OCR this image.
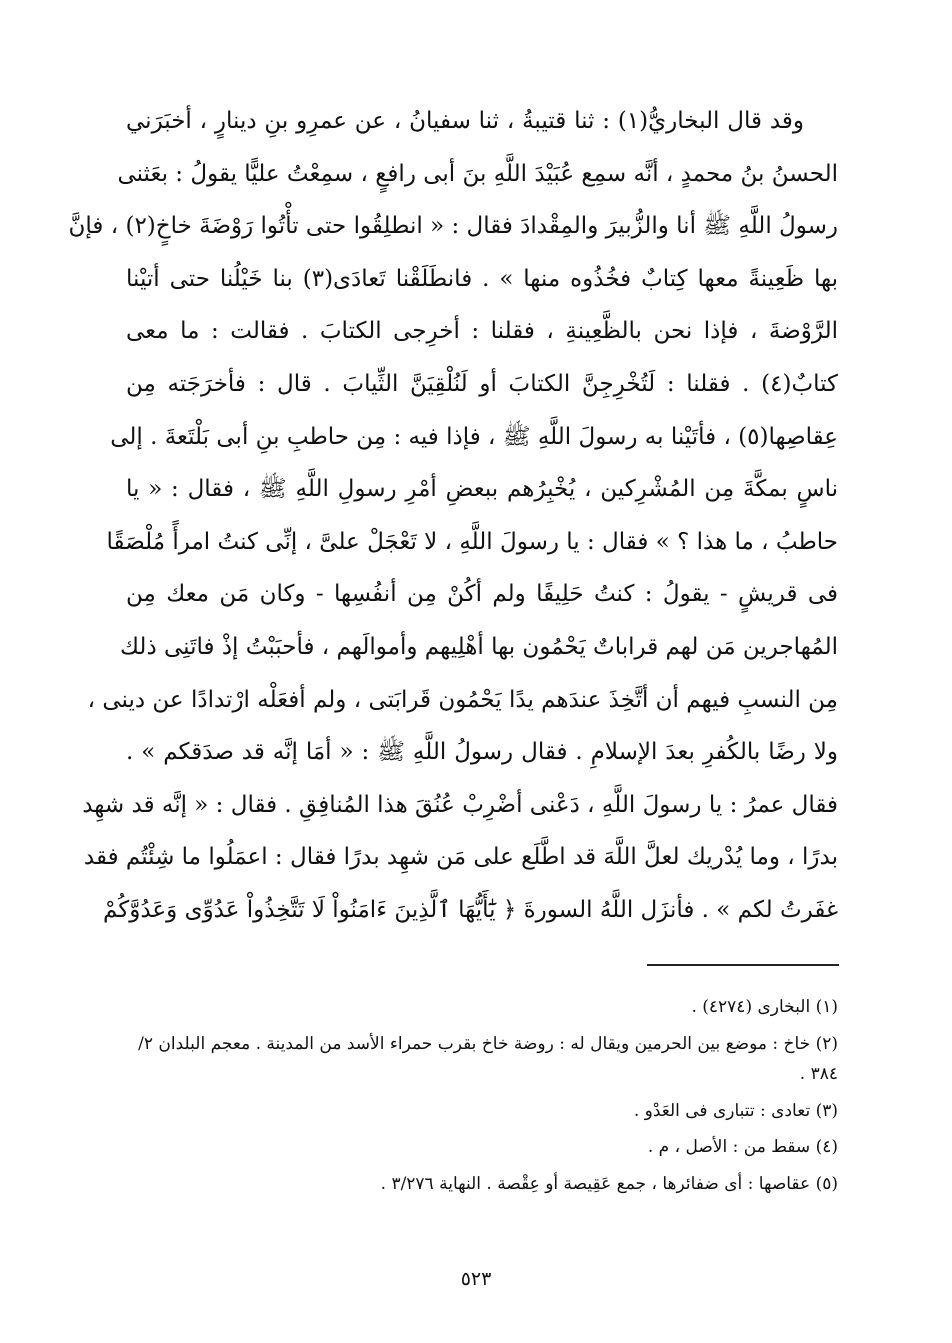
وقد قال البخاريُّ(١) : ثنا قتيبةُ ، ثنا سفيانُ ، عن عمرِو بنِ دينارٍ ، أخبَرَني
الحسنُ بنُ محمدٍ ، أنَّه سمِع عُبَيْدَ اللَّهِ بنَ أبى رافعٍ ، سمِعْتُ عليًّا يقولُ : بعَثنى
رسولُ اللَّهِ ﷺ أنا والزُّبيرَ والمِقْدادَ فقال : « انطلِقُوا حتى تأْتُوا رَوْضَةَ خاخٍ(٢) ، فإنَّ
بها ظَعِينةً معها كِتابٌ فخُذُوه منها » . فانطَلَقْنا تَعادَى(٣) بنا خَيْلُنا حتى أتيْنا
الرَّوْضةَ ، فإذا نحن بالظَّعِينةِ ، فقلنا : أخرِجى الكتابَ . فقالت : ما معى
كتابٌ(٤) . فقلنا : لَتُخْرِجِنَّ الكتابَ أو لَنُلْقِيَنَّ الثِّيابَ . قال : فأخرَجَته مِن
عِقاصِها(٥) ، فأتَيْنا به رسولَ اللَّهِ ﷺ ، فإذا فيه : مِن حاطبِ بنِ أبى بَلْتَعةَ . إلى
ناسٍ بمكَّةَ مِن المُشْرِكين ، يُخْبِرُهم ببعضِ أمْرِ رسولِ اللَّهِ ﷺ ، فقال : « يا
حاطبُ ، ما هذا ؟ » فقال : يا رسولَ اللَّهِ ، لا تَعْجَلْ علىَّ ، إنِّى كنتُ امرأً مُلْصَقًا
فى قريشٍ - يقولُ : كنتُ حَلِيفًا ولم أكُنْ مِن أنفُسِها - وكان مَن معك مِن
المُهاجرين مَن لهم قراباتٌ يَحْمُون بها أهْلِيهم وأموالَهم ، فأحبَبْتُ إذْ فاتَنِى ذلك
مِن النسبِ فيهم أن أتَّخِذَ عندَهم يدًا يَحْمُون قَرابَتى ، ولم أفعَلْه ارْتدادًا عن دينى ،
ولا رضًا بالكُفرِ بعدَ الإسلامِ . فقال رسولُ اللَّهِ ﷺ : « أمَا إنَّه قد صدَقكم » .
فقال عمرُ : يا رسولَ اللَّهِ ، دَعْنى أضْرِبْ عُنُقَ هذا المُنافِقِ . فقال : « إنَّه قد شهِد
بدرًا ، وما يُدْريك لعلَّ اللَّهَ قد اطَّلَع على مَن شهِد بدرًا فقال : اعمَلُوا ما شِئْتُم فقد
غفَرتُ لكم » . فأنزَل اللَّهُ السورةَ ﴿ يَٰٓأَيُّهَا ٱلَّذِينَ ءَامَنُواْ لَا تَتَّخِذُواْ عَدُوِّى وَعَدُوَّكُمْ
(١) البخارى (٤٢٧٤) .
(٢) خاخ : موضع بين الحرمين ويقال له : روضة خاخ بقرب حمراء الأسد من المدينة . معجم البلدان ٢/
٣٨٤ .
(٣) تعادى : تتبارى فى العَدْو .
(٤) سقط من : الأصل ، م .
(٥) عقاصها : أى ضفائرها ، جمع عَقِيصة أو عِقْصة . النهاية ٣/٢٧٦ .
٥٢٣
